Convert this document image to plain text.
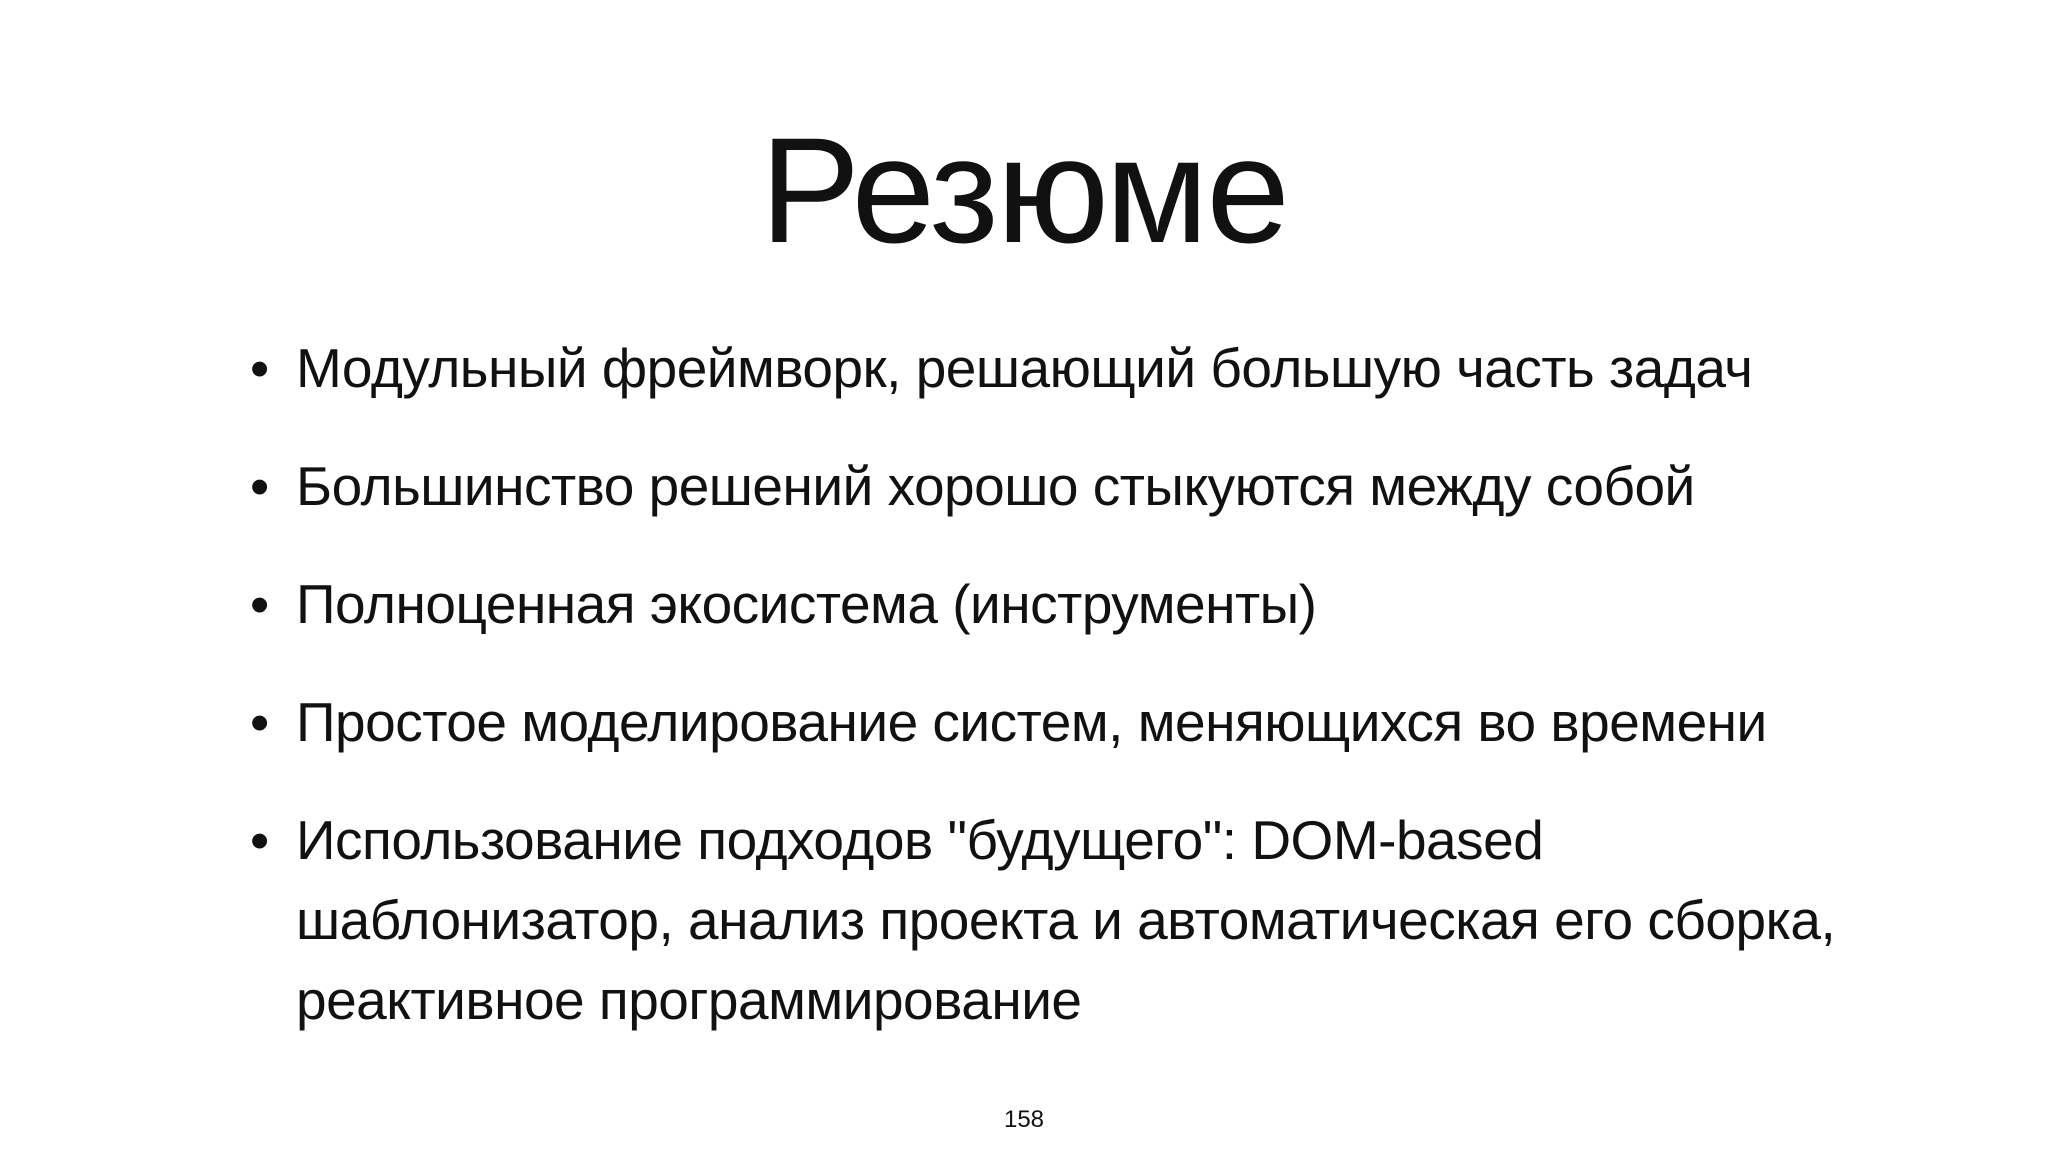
Резюме
• Модульный фреймворк, решающий большую часть задач
• Большинство решений хорошо стыкуются между собой
• Полноценная экосистема (инструменты)
• Простое моделирование систем, меняющихся во времени
• Использование подходов "будущего": DOM-based шаблонизатор, анализ проекта и автоматическая его сборка, реактивное программирование
158
